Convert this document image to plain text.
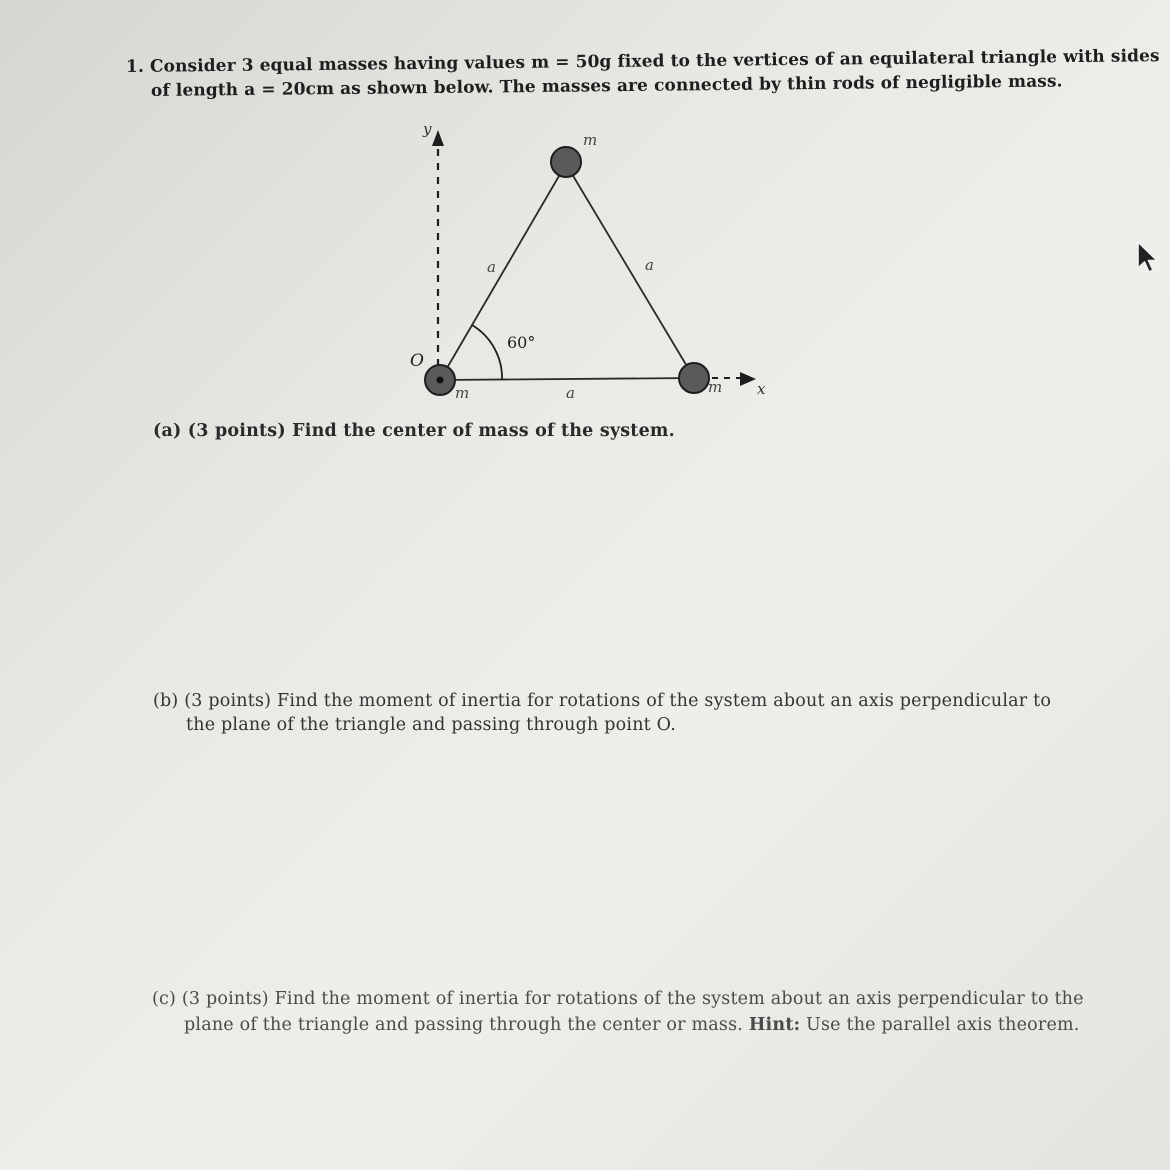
1. Consider 3 equal masses having values m = 50g fixed to the vertices of an equilateral triangle with sides
of length a = 20cm as shown below. The masses are connected by thin rods of negligible mass.
y
x
60°
a	a
a
m
m	m
O
(a) (3 points) Find the center of mass of the system.
(b) (3 points) Find the moment of inertia for rotations of the system about an axis perpendicular to
the plane of the triangle and passing through point O.
(c) (3 points) Find the moment of inertia for rotations of the system about an axis perpendicular to the
plane of the triangle and passing through the center or mass. Hint: Use the parallel axis theorem.
